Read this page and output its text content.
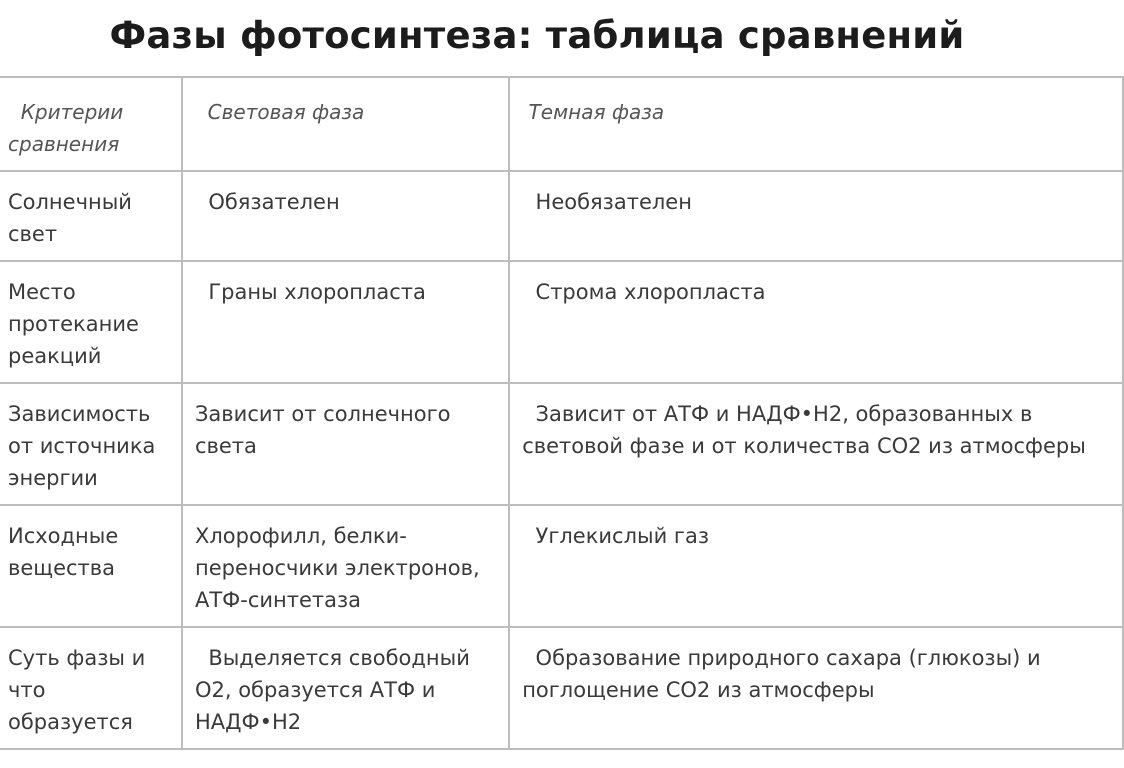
Фазы фотосинтеза: таблица сравнений
Критерии сравнения	Световая фаза	Темная фаза
Солнечный свет	Обязателен	Необязателен
Место протекание реакций	Граны хлоропласта	Строма хлоропласта
Зависимость от источника энергии	Зависит от солнечного света	Зависит от АТФ и НАДФ•Н2, образованных в световой фазе и от количества СО2 из атмосферы
Исходные вещества	Хлорофилл, белки-переносчики электронов, АТФ-синтетаза	Углекислый газ
Суть фазы и что образуется	Выделяется свободный О2, образуется АТФ и НАДФ•Н2	Образование природного сахара (глюкозы) и поглощение СО2 из атмосферы
